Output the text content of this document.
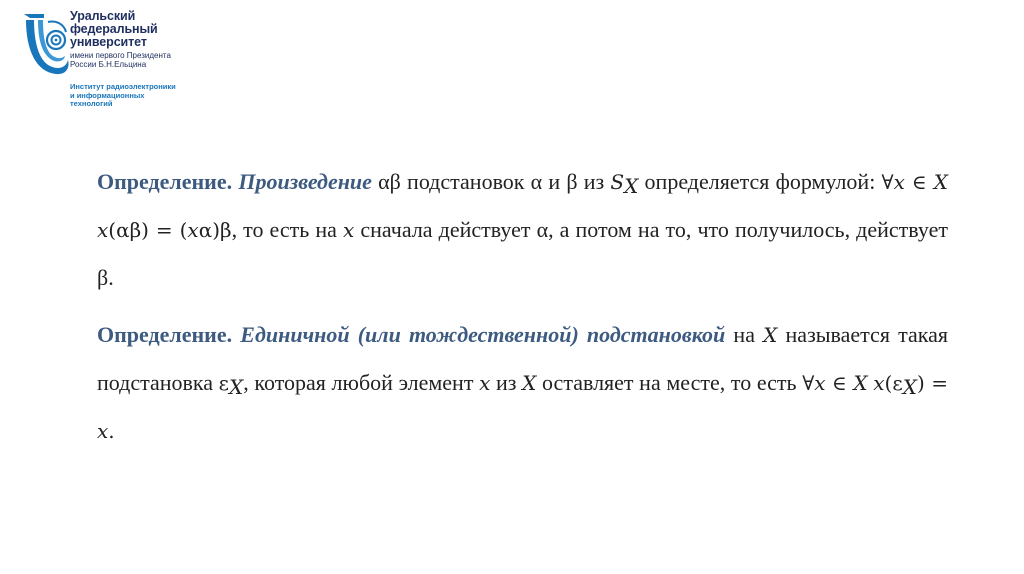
Уральский
федеральный
университет
имени первого Президента
России Б.Н.Ельцина
Институт радиоэлектроники
и информационных
технологий

Определение. Произведение αβ подстановок α и β из $S_X$ определяется формулой: ∀x ∈ X x(αβ) = (xα)β, то есть на x сначала действует α, а потом на то, что получилось, действует β.

Определение. Единичной (или тождественной) подстановкой на X называется такая подстановка $\varepsilon_X$, которая любой элемент x из X оставляет на месте, то есть ∀x ∈ X $x(\varepsilon_X) = x$.
